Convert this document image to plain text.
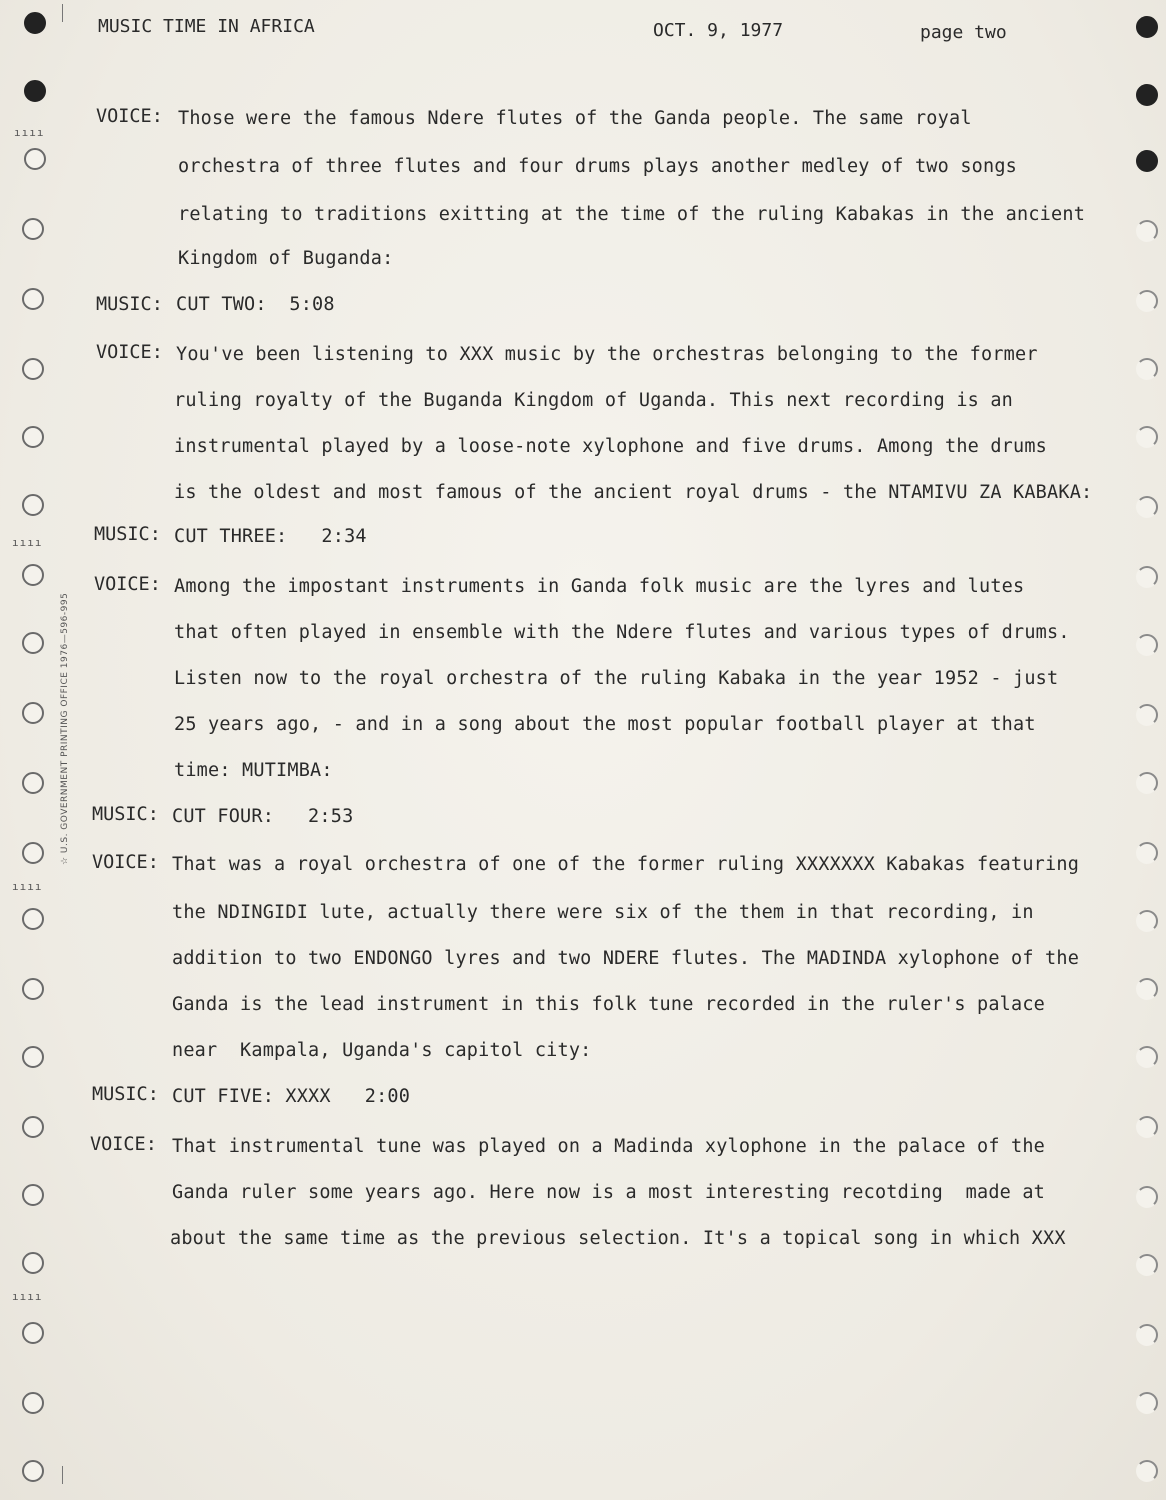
ıııı
ıııı
ıııı
ıııı
☆ U.S. GOVERNMENT PRINTING OFFICE 1976—596-995
MUSIC TIME IN AFRICA	OCT. 9, 1977	page two
VOICE: Those were the famous Ndere flutes of the Ganda people. The same royal
orchestra of three flutes and four drums plays another medley of two songs
relating to traditions exitting at the time of the ruling Kabakas in the ancient
Kingdom of Buganda:
MUSIC: CUT TWO:  5:08
VOICE: You've been listening to XXX music by the orchestras belonging to the former
ruling royalty of the Buganda Kingdom of Uganda. This next recording is an
instrumental played by a loose-note xylophone and five drums. Among the drums
is the oldest and most famous of the ancient royal drums - the NTAMIVU ZA KABAKA:
MUSIC: CUT THREE:   2:34
VOICE: Among the impostant instruments in Ganda folk music are the lyres and lutes
that often played in ensemble with the Ndere flutes and various types of drums.
Listen now to the royal orchestra of the ruling Kabaka in the year 1952 - just
25 years ago, - and in a song about the most popular football player at that
time: MUTIMBA:
MUSIC: CUT FOUR:   2:53
VOICE: That was a royal orchestra of one of the former ruling XXXXXXX Kabakas featuring
the NDINGIDI lute, actually there were six of the them in that recording, in
addition to two ENDONGO lyres and two NDERE flutes. The MADINDA xylophone of the
Ganda is the lead instrument in this folk tune recorded in the ruler's palace
near  Kampala, Uganda's capitol city:
MUSIC: CUT FIVE: XXXX   2:00
VOICE: That instrumental tune was played on a Madinda xylophone in the palace of the
Ganda ruler some years ago. Here now is a most interesting recotding  made at
about the same time as the previous selection. It's a topical song in which XXX
